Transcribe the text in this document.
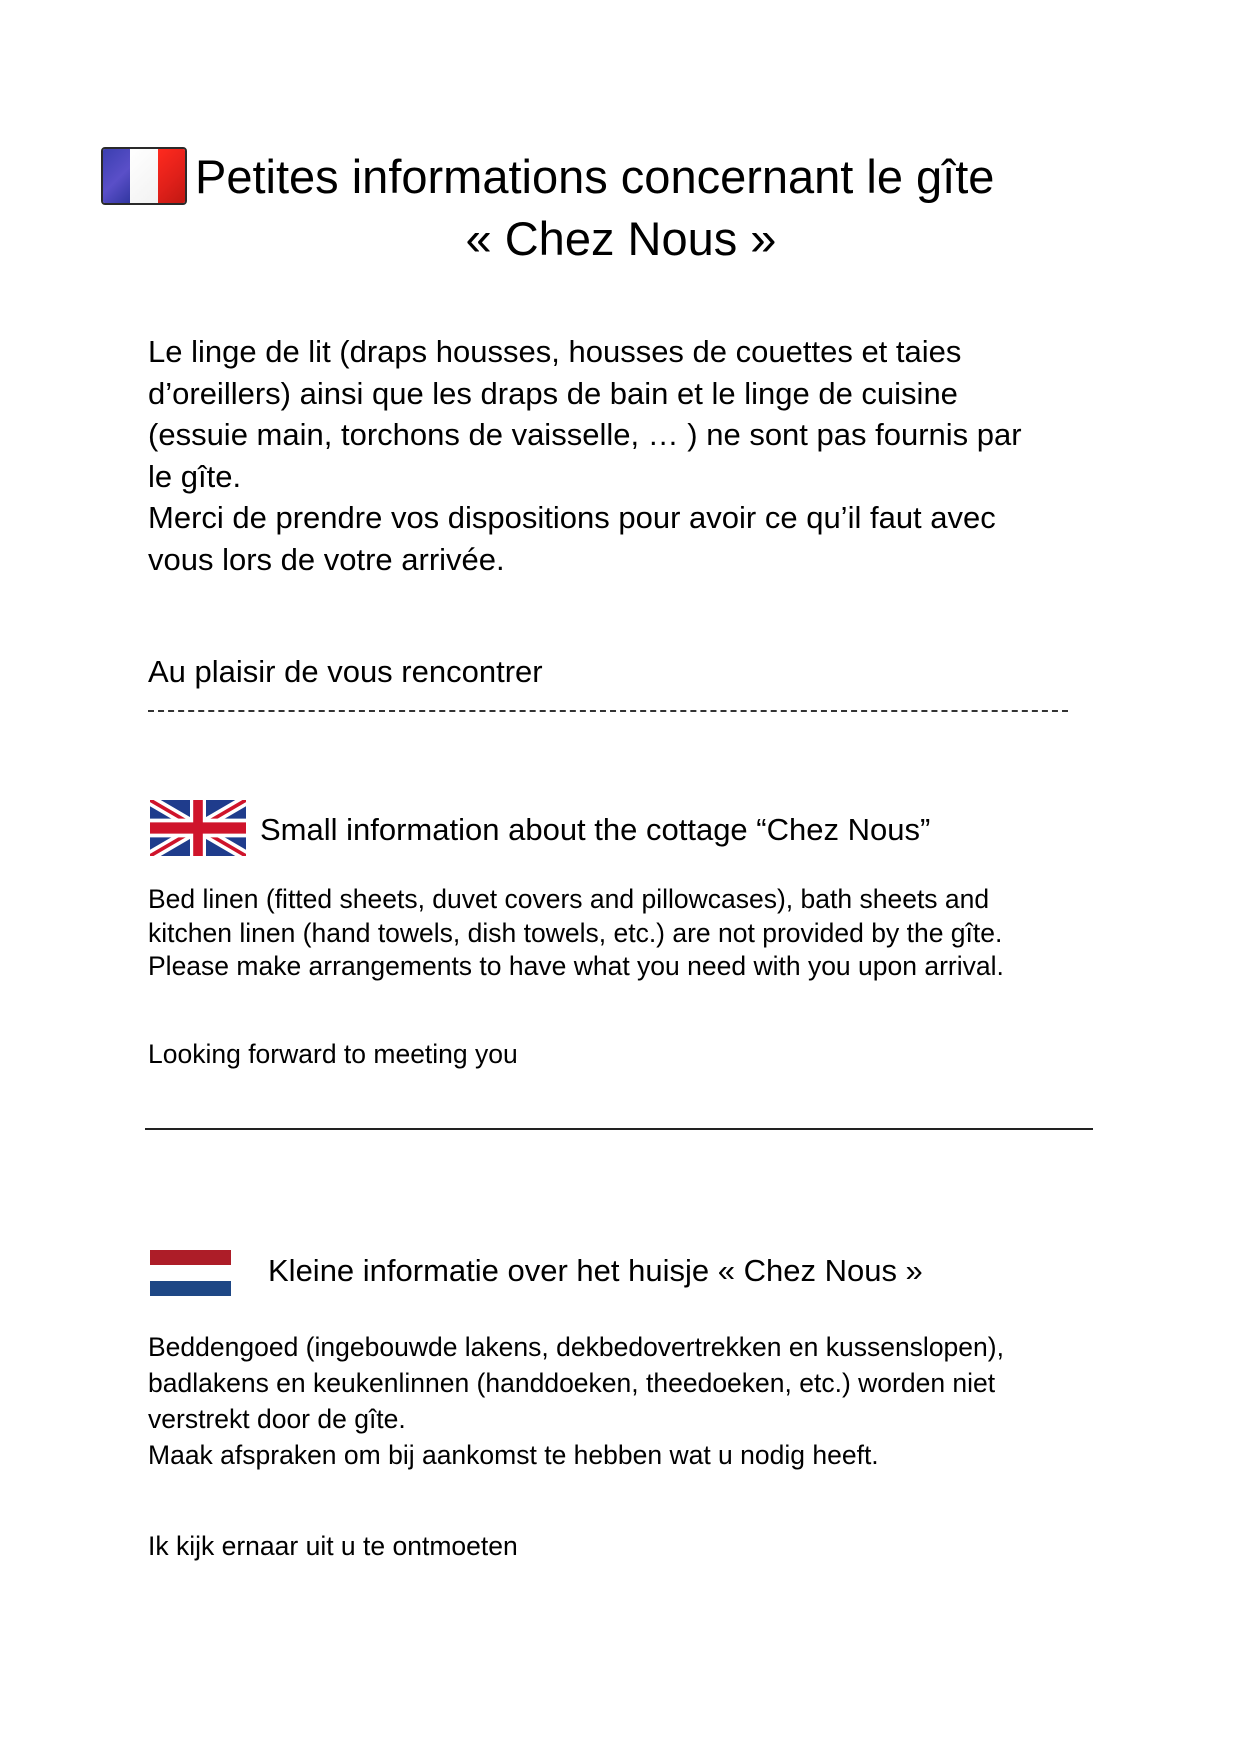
Petites informations concernant le gîte
« Chez Nous »

Le linge de lit (draps housses, housses de couettes et taies

d’oreillers) ainsi que les draps de bain et le linge de cuisine

(essuie main, torchons de vaisselle, … ) ne sont pas fournis par

le gîte.

Merci de prendre vos dispositions pour avoir ce qu’il faut avec

vous lors de votre arrivée.

Au plaisir de vous rencontrer
Small information about the cottage “Chez Nous”

Bed linen (fitted sheets, duvet covers and pillowcases), bath sheets and

kitchen linen (hand towels, dish towels, etc.) are not provided by the gîte.

Please make arrangements to have what you need with you upon arrival.

Looking forward to meeting you
Kleine informatie over het huisje « Chez Nous »

Beddengoed (ingebouwde lakens, dekbedovertrekken en kussenslopen),

badlakens en keukenlinnen (handdoeken, theedoeken, etc.) worden niet

verstrekt door de gîte.

Maak afspraken om bij aankomst te hebben wat u nodig heeft.

Ik kijk ernaar uit u te ontmoeten
